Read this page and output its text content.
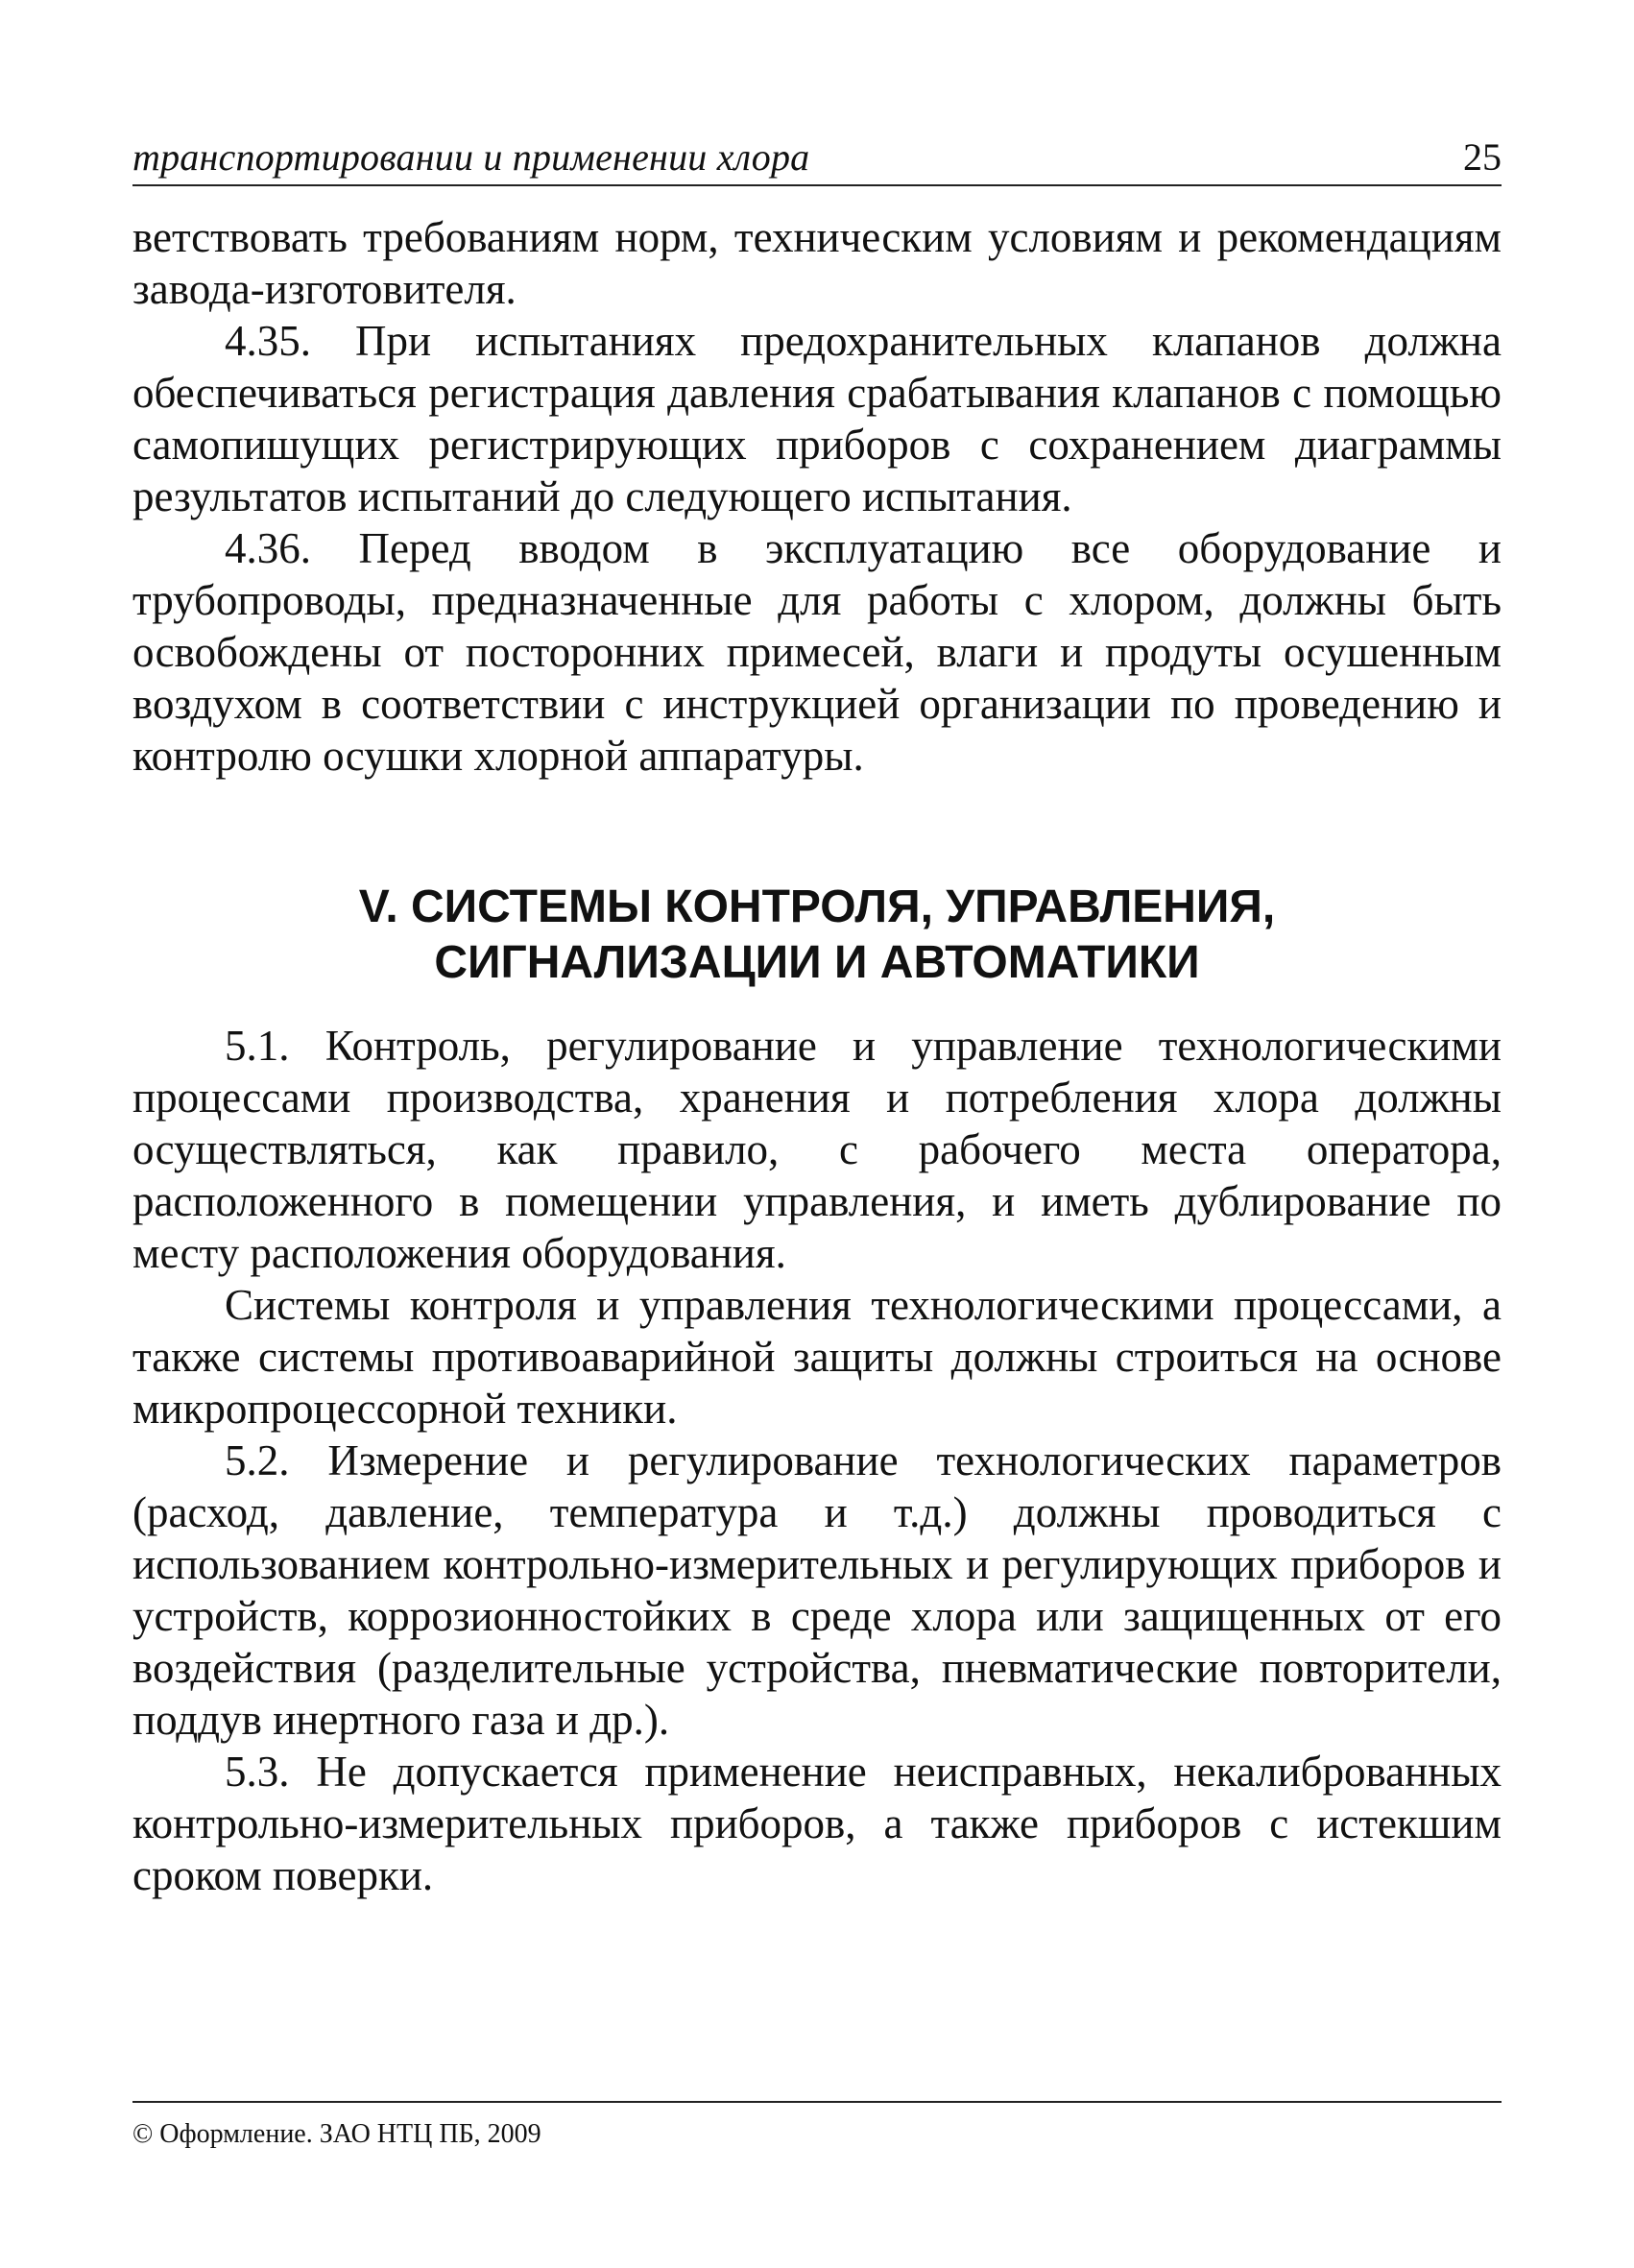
транспортировании и применении хлора	25

ветствовать требованиям норм, техническим условиям и рекомендациям завода-изготовителя.

4.35. При испытаниях предохранительных клапанов должна обеспечиваться регистрация давления срабатывания клапанов с помощью самопишущих регистрирующих приборов с сохранением диаграммы результатов испытаний до следующего испытания.

4.36. Перед вводом в эксплуатацию все оборудование и трубопроводы, предназначенные для работы с хлором, должны быть освобождены от посторонних примесей, влаги и продуты осушенным воздухом в соответствии с инструкцией организации по проведению и контролю осушки хлорной аппаратуры.

V. СИСТЕМЫ КОНТРОЛЯ, УПРАВЛЕНИЯ,
СИГНАЛИЗАЦИИ И АВТОМАТИКИ

5.1. Контроль, регулирование и управление технологическими процессами производства, хранения и потребления хлора должны осуществляться, как правило, с рабочего места оператора, расположенного в помещении управления, и иметь дублирование по месту расположения оборудования.

Системы контроля и управления технологическими процессами, а также системы противоаварийной защиты должны строиться на основе микропроцессорной техники.

5.2. Измерение и регулирование технологических параметров (расход, давление, температура и т.д.) должны проводиться с использованием контрольно-измерительных и регулирующих приборов и устройств, коррозионностойких в среде хлора или защищенных от его воздействия (разделительные устройства, пневматические повторители, поддув инертного газа и др.).

5.3. Не допускается применение неисправных, некалиброванных контрольно-измерительных приборов, а также приборов с истекшим сроком поверки.

© Оформление. ЗАО НТЦ ПБ, 2009
